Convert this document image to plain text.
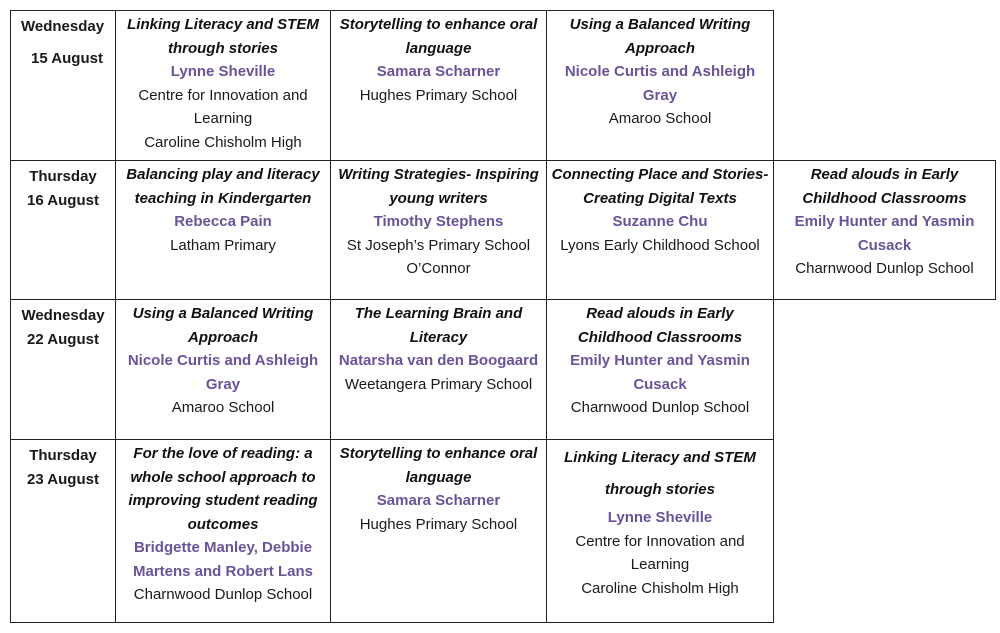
Wednesday
15 August
Linking Literacy and STEM through stories
Lynne Sheville
Centre for Innovation and Learning
Caroline Chisholm High
Storytelling to enhance oral language
Samara Scharner
Hughes Primary School
Using a Balanced Writing Approach
Nicole Curtis and Ashleigh Gray
Amaroo School
Thursday
16 August
Balancing play and literacy teaching in Kindergarten
Rebecca Pain
Latham Primary
Writing Strategies- Inspiring young writers
Timothy Stephens
St Joseph’s Primary School O’Connor
Connecting Place and Stories- Creating Digital Texts
Suzanne Chu
Lyons Early Childhood School
Read alouds in Early Childhood Classrooms
Emily Hunter and Yasmin Cusack
Charnwood Dunlop School
Wednesday
22 August
Using a Balanced Writing Approach
Nicole Curtis and Ashleigh Gray
Amaroo School
The Learning Brain and Literacy
Natarsha van den Boogaard
Weetangera Primary School
Read alouds in Early Childhood Classrooms
Emily Hunter and Yasmin Cusack
Charnwood Dunlop School
Thursday
23 August
For the love of reading: a whole school approach to improving student reading outcomes
Bridgette Manley, Debbie Martens and Robert Lans
Charnwood Dunlop School
Storytelling to enhance oral language
Samara Scharner
Hughes Primary School
Linking Literacy and STEM through stories
Lynne Sheville
Centre for Innovation and Learning
Caroline Chisholm High
